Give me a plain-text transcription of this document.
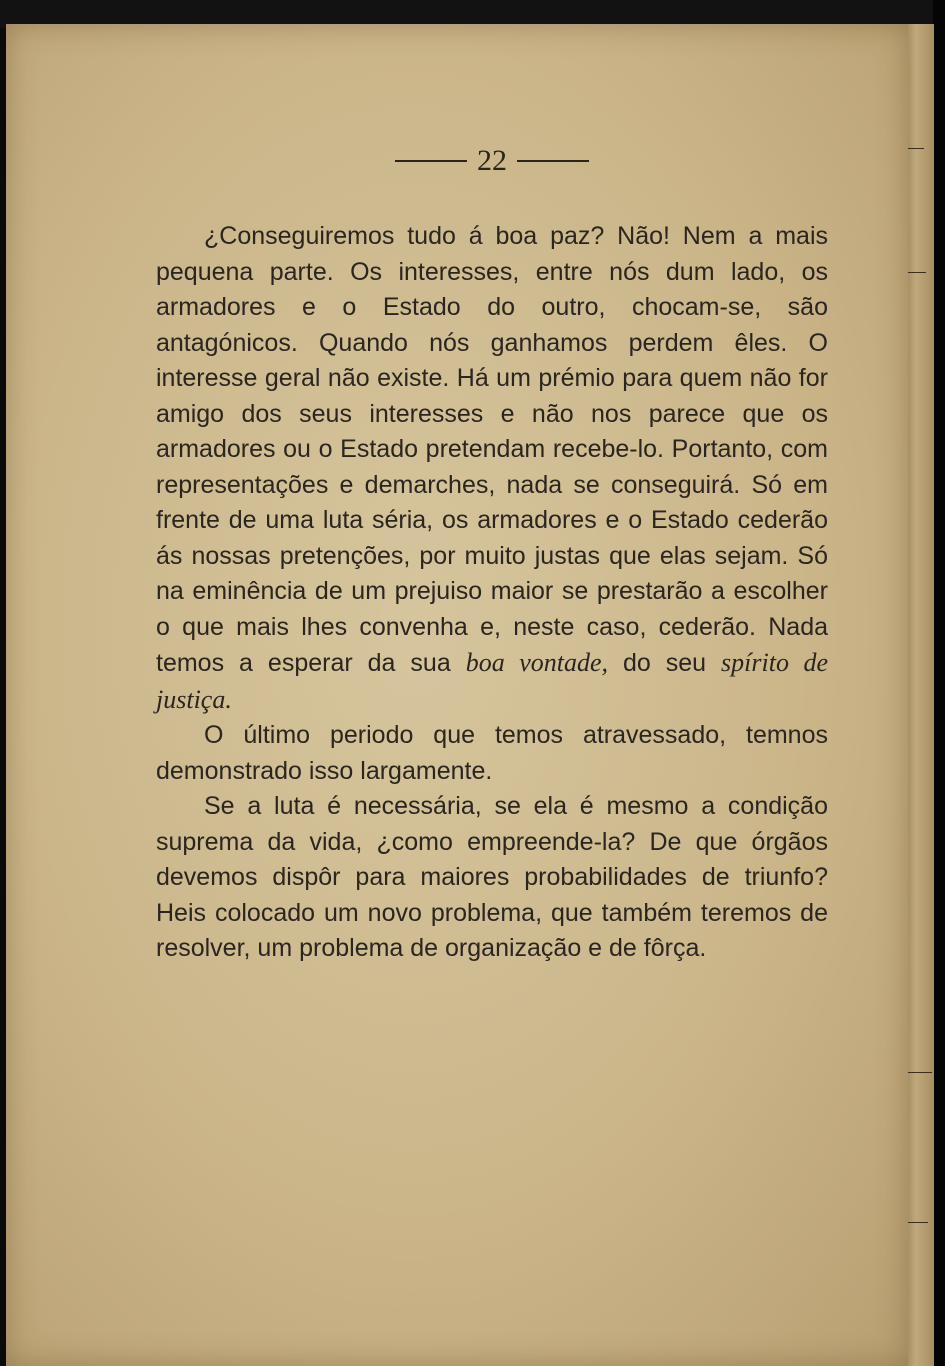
22

¿Conseguiremos tudo á boa paz? Não! Nem a mais pequena parte. Os interesses, entre nós dum lado, os armadores e o Estado do outro, chocam-se, são antagónicos. Quando nós ganhamos perdem êles. O interesse geral não existe. Há um prémio para quem não for amigo dos seus interesses e não nos parece que os armadores ou o Estado pretendam recebe-lo. Portanto, com representações e demarches, nada se conseguirá. Só em frente de uma luta séria, os armadores e o Estado cederão ás nossas pretenções, por muito justas que elas sejam. Só na eminência de um prejuiso maior se prestarão a escolher o que mais lhes convenha e, neste caso, cederão. Nada temos a esperar da sua boa vontade, do seu spírito de justiça.

O último periodo que temos atravessado, temnos demonstrado isso largamente.

Se a luta é necessária, se ela é mesmo a condição suprema da vida, ¿como empreende-la? De que órgãos devemos dispôr para maiores probabilidades de triunfo? Heis colocado um novo problema, que também teremos de resolver, um problema de organização e de fôrça.
